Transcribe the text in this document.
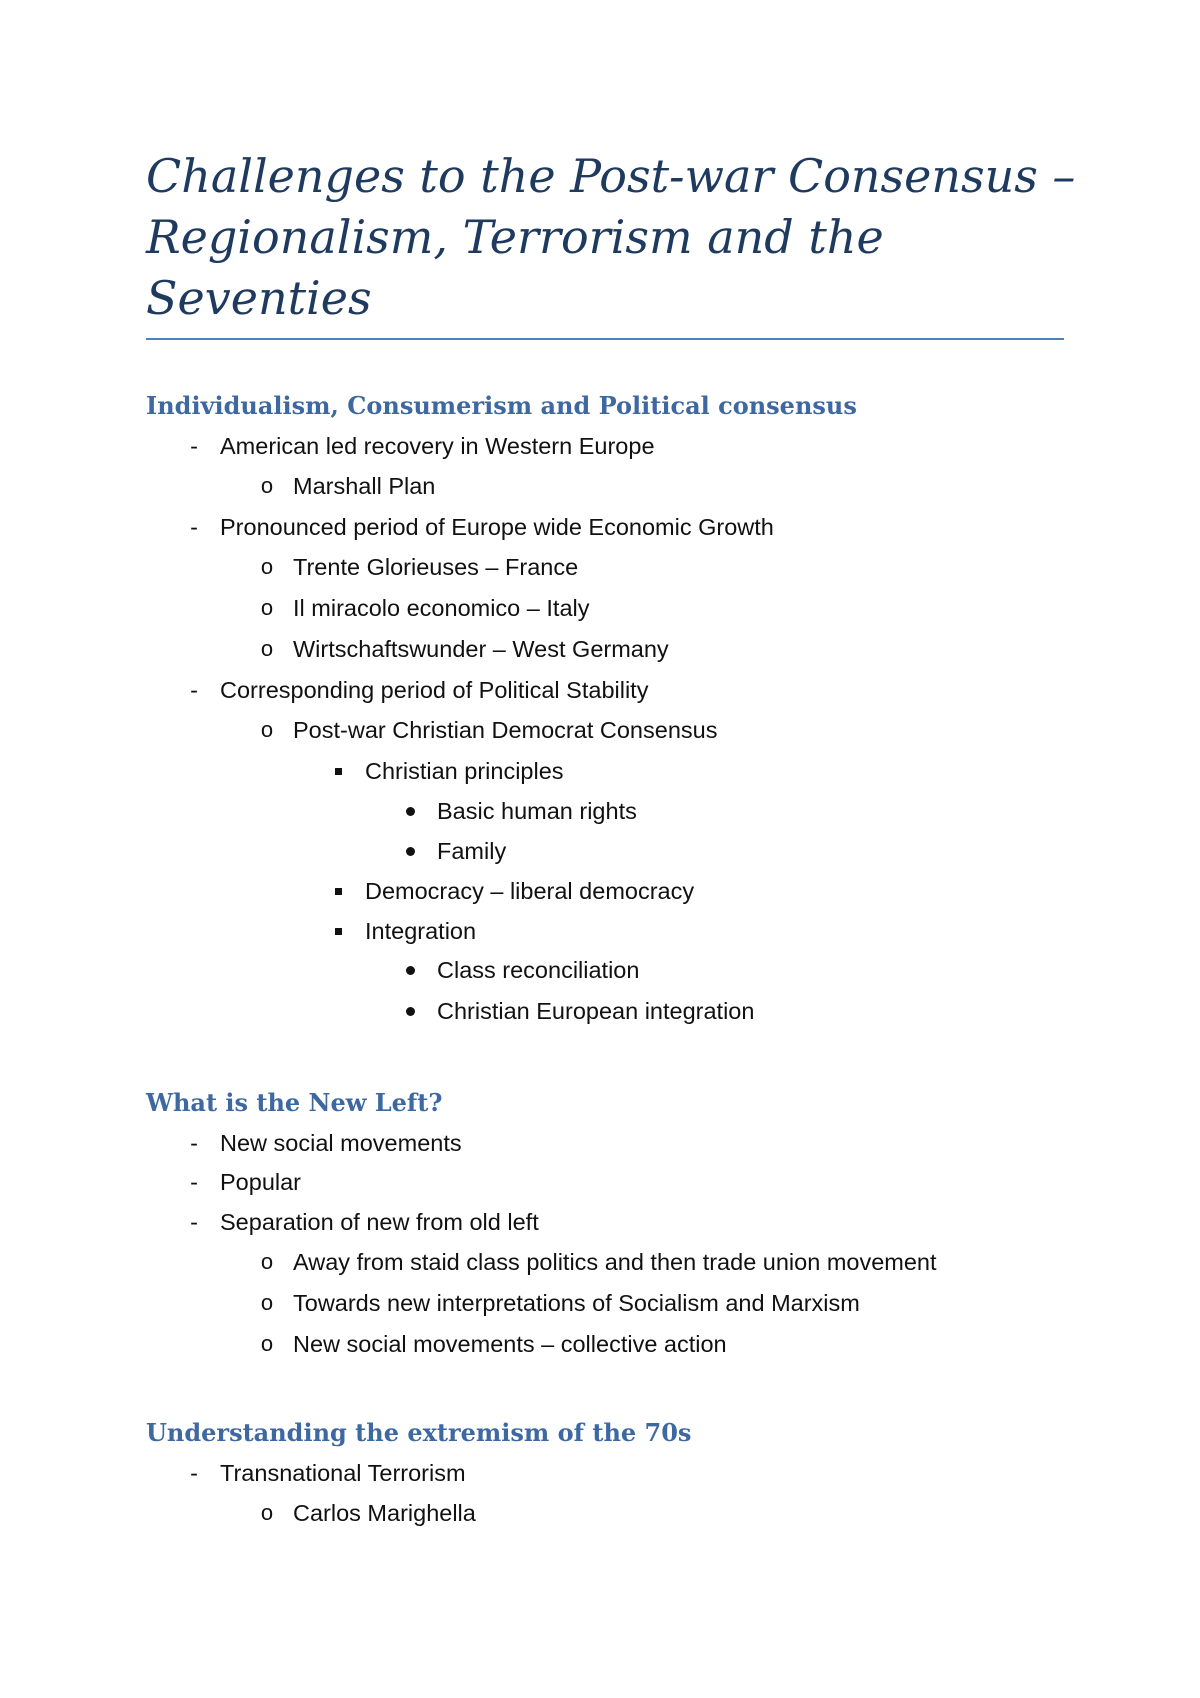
Challenges to the Post-war Consensus –
Regionalism, Terrorism and the
Seventies
Individualism, Consumerism and Political consensus
- American led recovery in Western Europe
o Marshall Plan
- Pronounced period of Europe wide Economic Growth
o Trente Glorieuses – France
o Il miracolo economico – Italy
o Wirtschaftswunder – West Germany
- Corresponding period of Political Stability
o Post-war Christian Democrat Consensus
Christian principles
Basic human rights
Family
Democracy – liberal democracy
Integration
Class reconciliation
Christian European integration
What is the New Left?
- New social movements
- Popular
- Separation of new from old left
o Away from staid class politics and then trade union movement
o Towards new interpretations of Socialism and Marxism
o New social movements – collective action
Understanding the extremism of the 70s
- Transnational Terrorism
o Carlos Marighella
